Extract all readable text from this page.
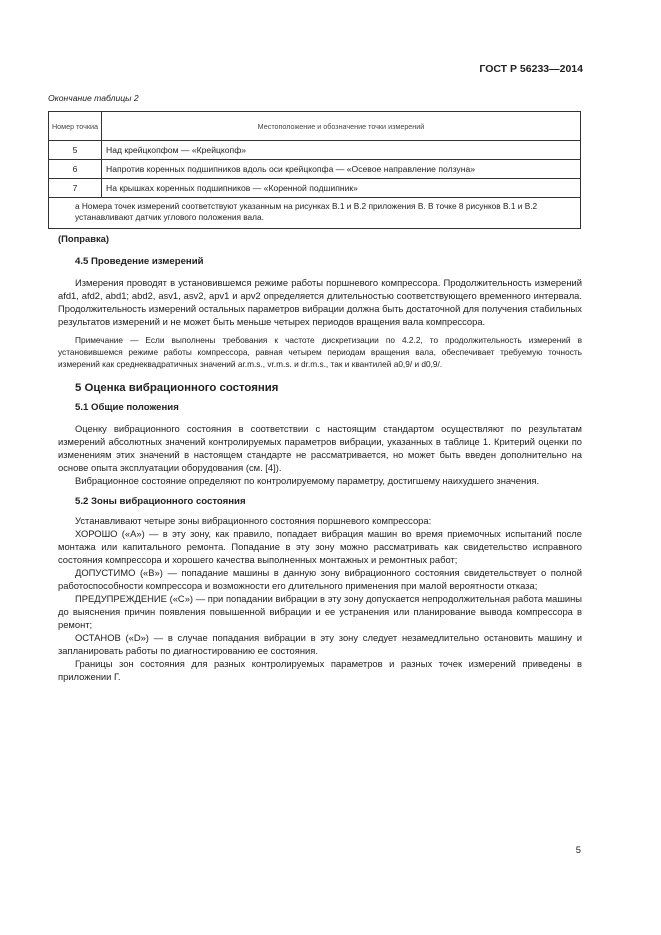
ГОСТ Р 56233—2014
Окончание таблицы 2
Номер точкиa	Местоположение и обозначение точки измерений
5	Над крейцкопфом — «Крейцкопф»
6	Напротив коренных подшипников вдоль оси крейцкопфа — «Осевое направление ползуна»
7	На крышках коренных подшипников — «Коренной подшипник»
a Номера точек измерений соответствуют указанным на рисунках В.1 и В.2 приложения В. В точке 8 рисунков В.1 и В.2 устанавливают датчик углового положения вала.	
(Поправка)
4.5 Проведение измерений

Измерения проводят в установившемся режиме работы поршневого компрессора. Продолжительность измерений afd1, afd2, abd1; abd2, asv1, asv2, apv1 и apv2 определяется длительностью соответствующего временного интервала. Продолжительность измерений остальных параметров вибрации должна быть достаточной для получения стабильных результатов измерений и не может быть меньше четырех периодов вращения вала компрессора.

Примечание — Если выполнены требования к частоте дискретизации по 4.2.2, то продолжительность измерений в установившемся режиме работы компрессора, равная четырем периодам вращения вала, обеспечивает требуемую точность измерений как среднеквадратичных значений ar.m.s., vr.m.s. и dr.m.s., так и квантилей a0,9/ и d0,9/.

5 Оценка вибрационного состояния
5.1 Общие положения

Оценку вибрационного состояния в соответствии с настоящим стандартом осуществляют по результатам измерений абсолютных значений контролируемых параметров вибрации, указанных в таблице 1. Критерий оценки по изменениям этих значений в настоящем стандарте не рассматривается, но может быть введен дополнительно на основе опыта эксплуатации оборудования (см. [4]).

Вибрационное состояние определяют по контролируемому параметру, достигшему наихудшего значения.

5.2 Зоны вибрационного состояния

Устанавливают четыре зоны вибрационного состояния поршневого компрессора:

ХОРОШО («А») — в эту зону, как правило, попадает вибрация машин во время приемочных испытаний после монтажа или капитального ремонта. Попадание в эту зону можно рассматривать как свидетельство исправного состояния компрессора и хорошего качества выполненных монтажных и ремонтных работ;

ДОПУСТИМО («В») — попадание машины в данную зону вибрационного состояния свидетельствует о полной работоспособности компрессора и возможности его длительного применения при малой вероятности отказа;

ПРЕДУПРЕЖДЕНИЕ («С») — при попадании вибрации в эту зону допускается непродолжительная работа машины до выяснения причин появления повышенной вибрации и ее устранения или планирование вывода компрессора в ремонт;

ОСТАНОВ («D») — в случае попадания вибрации в эту зону следует незамедлительно остановить машину и запланировать работы по диагностированию ее состояния.

Границы зон состояния для разных контролируемых параметров и разных точек измерений приведены в приложении Г.

5
